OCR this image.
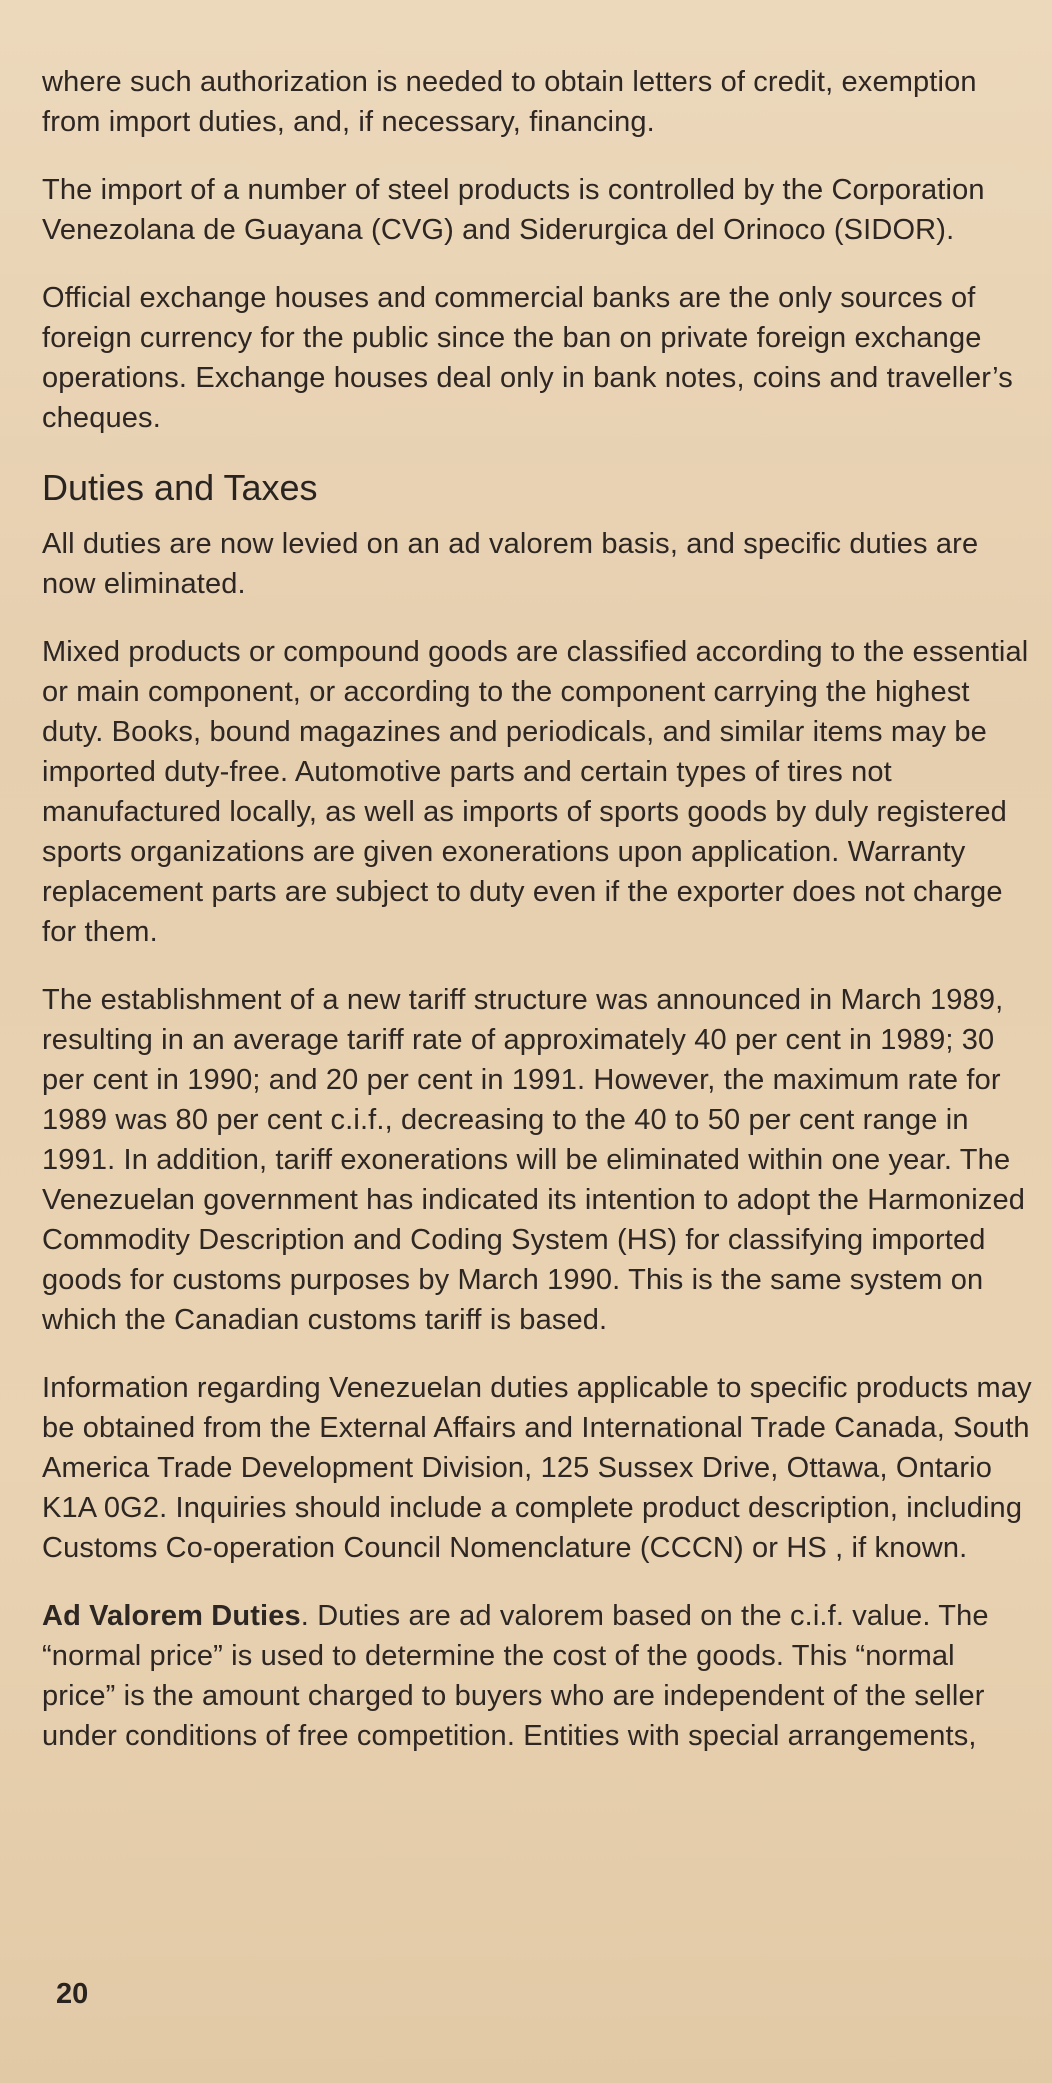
where such authorization is needed to obtain letters of credit, exemption from import duties, and, if necessary, financing.

The import of a number of steel products is controlled by the Corporation Venezolana de Guayana (CVG) and Siderurgica del Orinoco (SIDOR).

Official exchange houses and commercial banks are the only sources of foreign currency for the public since the ban on private foreign exchange operations. Exchange houses deal only in bank notes, coins and traveller’s cheques.

Duties and Taxes

All duties are now levied on an ad valorem basis, and specific duties are now eliminated.

Mixed products or compound goods are classified according to the essential or main component, or according to the component carrying the highest duty. Books, bound magazines and periodicals, and similar items may be imported duty-free. Automotive parts and certain types of tires not manufactured locally, as well as imports of sports goods by duly registered sports organizations are given exonerations upon application. Warranty replacement parts are subject to duty even if the exporter does not charge for them.

The establishment of a new tariff structure was announced in March 1989, resulting in an average tariff rate of approximately 40 per cent in 1989; 30 per cent in 1990; and 20 per cent in 1991. However, the maximum rate for 1989 was 80 per cent c.i.f., decreasing to the 40 to 50 per cent range in 1991. In addition, tariff exonerations will be eliminated within one year. The Venezuelan government has indicated its intention to adopt the Harmonized Commodity Description and Coding System (HS) for classifying imported goods for customs purposes by March 1990. This is the same system on which the Canadian customs tariff is based.

Information regarding Venezuelan duties applicable to specific products may be obtained from the External Affairs and International Trade Canada, South America Trade Development Division, 125 Sussex Drive, Ottawa, Ontario K1A 0G2. Inquiries should include a complete product description, including Customs Co-operation Council Nomenclature (CCCN) or HS , if known.

Ad Valorem Duties. Duties are ad valorem based on the c.i.f. value. The “normal price” is used to determine the cost of the goods. This “normal price” is the amount charged to buyers who are independent of the seller under conditions of free competition. Entities with special arrangements,

20
